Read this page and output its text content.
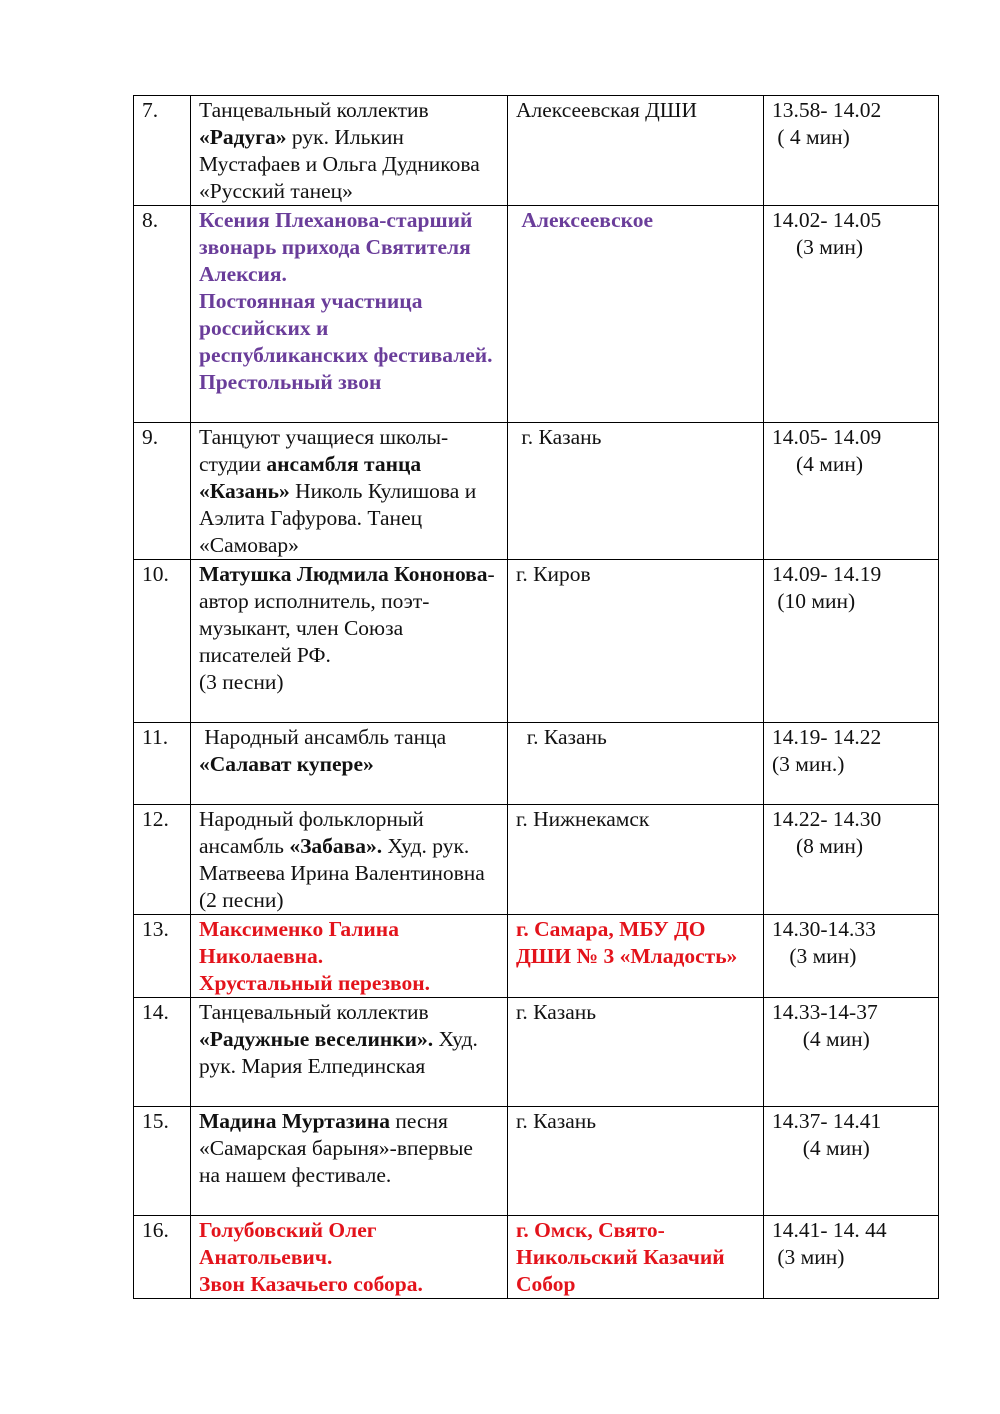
7.	Танцевальный коллектив «Радуга» рук. Илькин Мустафаев и Ольга Дудникова «Русский танец»	Алексеевская ДШИ	13.58- 14.02
( 4 мин)

8.	Ксения Плеханова-старший звонарь прихода Святителя Алексия.
Постоянная участница российских и республиканских фестивалей.
Престольный звон	Алексеевское	14.02- 14.05
(3 мин)

9.	Танцуют учащиеся школы-студии ансамбля танца «Казань» Николь Кулишова и Аэлита Гафурова. Танец «Самовар»	г. Казань	14.05- 14.09
(4 мин)

10.	Матушка Людмила Кононова- автор исполнитель, поэт-музыкант, член Союза писателей РФ.
(3 песни)	г. Киров	14.09- 14.19
(10 мин)

11.	Народный ансамбль танца «Салават купере»	г. Казань	14.19- 14.22
(3 мин.)

12.	Народный фольклорный ансамбль «Забава». Худ. рук. Матвеева Ирина Валентиновна  (2 песни)	г. Нижнекамск	14.22- 14.30
(8 мин)

13.	Максименко Галина Николаевна.
Хрустальный перезвон.	г. Самара, МБУ ДО ДШИ № 3 «Младость»	14.30-14.33
(3 мин)

14.	Танцевальный коллектив «Радужные веселинки». Худ. рук. Мария Елпединская	г. Казань	14.33-14-37
(4 мин)

15.	Мадина Муртазина песня «Самарская барыня»-впервые на нашем фестивале.	г. Казань	14.37- 14.41
(4 мин)

16.	Голубовский Олег Анатольевич.
Звон Казачьего собора.	г. Омск, Свято-Никольский Казачий Собор	14.41- 14. 44
(3 мин)
